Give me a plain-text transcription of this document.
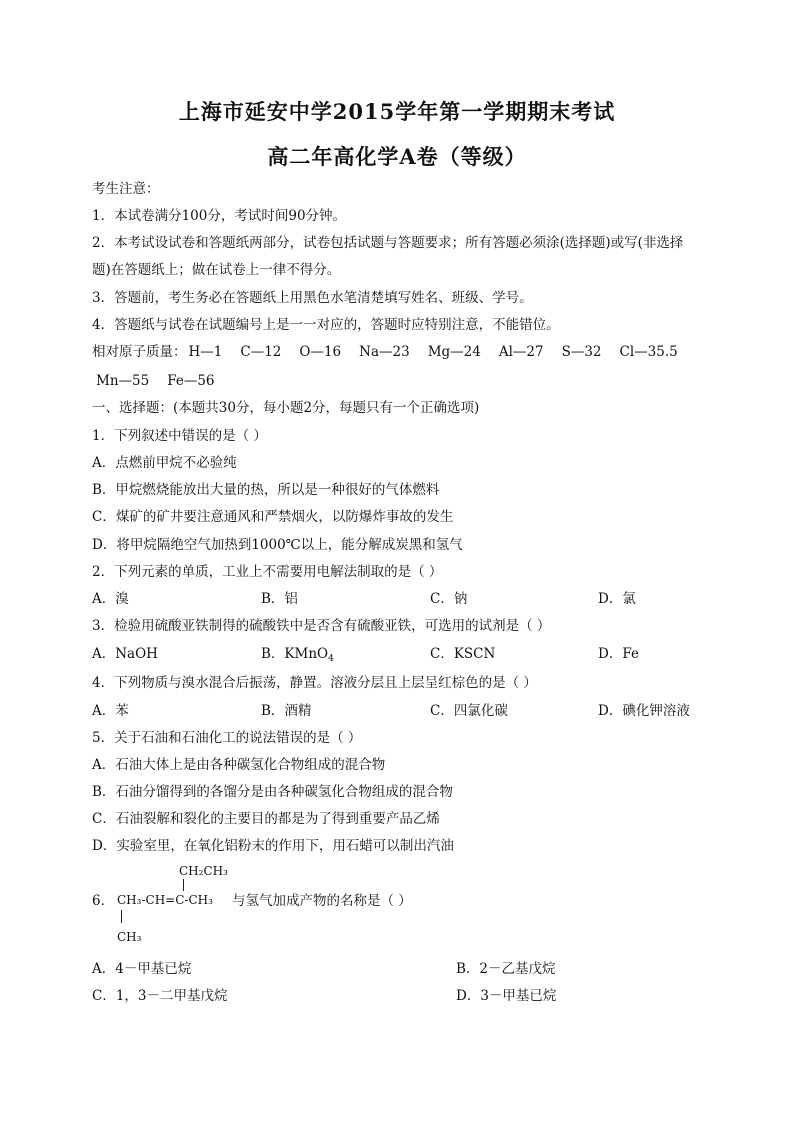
上海市延安中学2015学年第一学期期末考试
高二年高化学A卷（等级）
考生注意：
1．本试卷满分100分，考试时间90分钟。
2．本考试设试卷和答题纸两部分，试卷包括试题与答题要求；所有答题必须涂(选择题)或写(非选择
题)在答题纸上；做在试卷上一律不得分。
3．答题前，考生务必在答题纸上用黑色水笔清楚填写姓名、班级、学号。
4．答题纸与试卷在试题编号上是一一对应的，答题时应特别注意，不能错位。
相对原子质量： H—1 C—12 O—16 Na—23 Mg—24 Al—27 S—32 Cl—35.5
Mn—55 Fe—56
一、选择题：(本题共30分，每小题2分，每题只有一个正确选项)
1．下列叙述中错误的是（ ）
A．点燃前甲烷不必验纯
B．甲烷燃烧能放出大量的热，所以是一种很好的气体燃料
C．煤矿的矿井要注意通风和严禁烟火，以防爆炸事故的发生
D．将甲烷隔绝空气加热到1000℃以上，能分解成炭黑和氢气
2．下列元素的单质，工业上不需要用电解法制取的是（ ）
A．溴	B．铝	C．钠	D．氯
3．检验用硫酸亚铁制得的硫酸铁中是否含有硫酸亚铁，可选用的试剂是（ ）
A．NaOH	B．KMnO$_4$	C．KSCN	D．Fe
4．下列物质与溴水混合后振荡，静置。溶液分层且上层呈红棕色的是（ ）
A．苯	B．酒精	C．四氯化碳	D．碘化钾溶液
5．关于石油和石油化工的说法错误的是（ ）
A．石油大体上是由各种碳氢化合物组成的混合物
B．石油分馏得到的各馏分是由各种碳氢化合物组成的混合物
C．石油裂解和裂化的主要目的都是为了得到重要产品乙烯
D．实验室里，在氧化铝粉末的作用下，用石蜡可以制出汽油
CH₂CH₃
6． CH₃-CH=C-CH₃ 与氢气加成产物的名称是（ ）
CH₃
A．4－甲基已烷	B．2－乙基戊烷
C．1，3－二甲基戊烷	D．3－甲基已烷
